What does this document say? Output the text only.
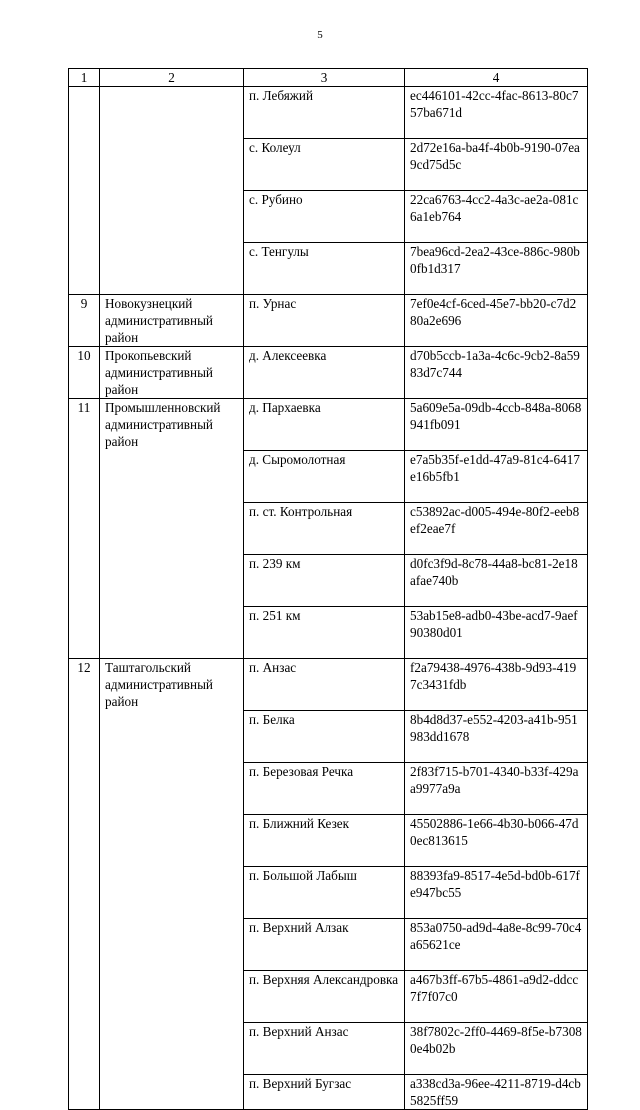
5
1	2	3	4
		п. Лебяжий	ec446101-42cc-4fac-8613-80c757ba671d
		с. Колеул	2d72e16a-ba4f-4b0b-9190-07ea9cd75d5c
		с. Рубино	22ca6763-4cc2-4a3c-ae2a-081c6a1eb764
		с. Тенгулы	7bea96cd-2ea2-43ce-886c-980b0fb1d317
9	Новокузнецкий административный район	п. Урнас	7ef0e4cf-6ced-45e7-bb20-c7d280a2e696
10	Прокопьевский административный район	д. Алексеевка	d70b5ccb-1a3a-4c6c-9cb2-8a5983d7c744
11	Промышленновский административный район	д. Пархаевка	5a609e5a-09db-4ccb-848a-8068941fb091
		д. Сыромолотная	e7a5b35f-e1dd-47a9-81c4-6417e16b5fb1
		п. ст. Контрольная	c53892ac-d005-494e-80f2-eeb8ef2eae7f
		п. 239 км	d0fc3f9d-8c78-44a8-bc81-2e18afae740b
		п. 251 км	53ab15e8-adb0-43be-acd7-9aef90380d01
12	Таштагольский административный район	п. Анзас	f2a79438-4976-438b-9d93-4197c3431fdb
		п. Белка	8b4d8d37-e552-4203-a41b-951983dd1678
		п. Березовая Речка	2f83f715-b701-4340-b33f-429aa9977a9a
		п. Ближний Кезек	45502886-1e66-4b30-b066-47d0ec813615
		п. Большой Лабыш	88393fa9-8517-4e5d-bd0b-617fe947bc55
		п. Верхний Алзак	853a0750-ad9d-4a8e-8c99-70c4a65621ce
		п. Верхняя Александровка	a467b3ff-67b5-4861-a9d2-ddcc7f7f07c0
		п. Верхний Анзас	38f7802c-2ff0-4469-8f5e-b73080e4b02b
		п. Верхний Бугзас	a338cd3a-96ee-4211-8719-d4cb5825ff59
